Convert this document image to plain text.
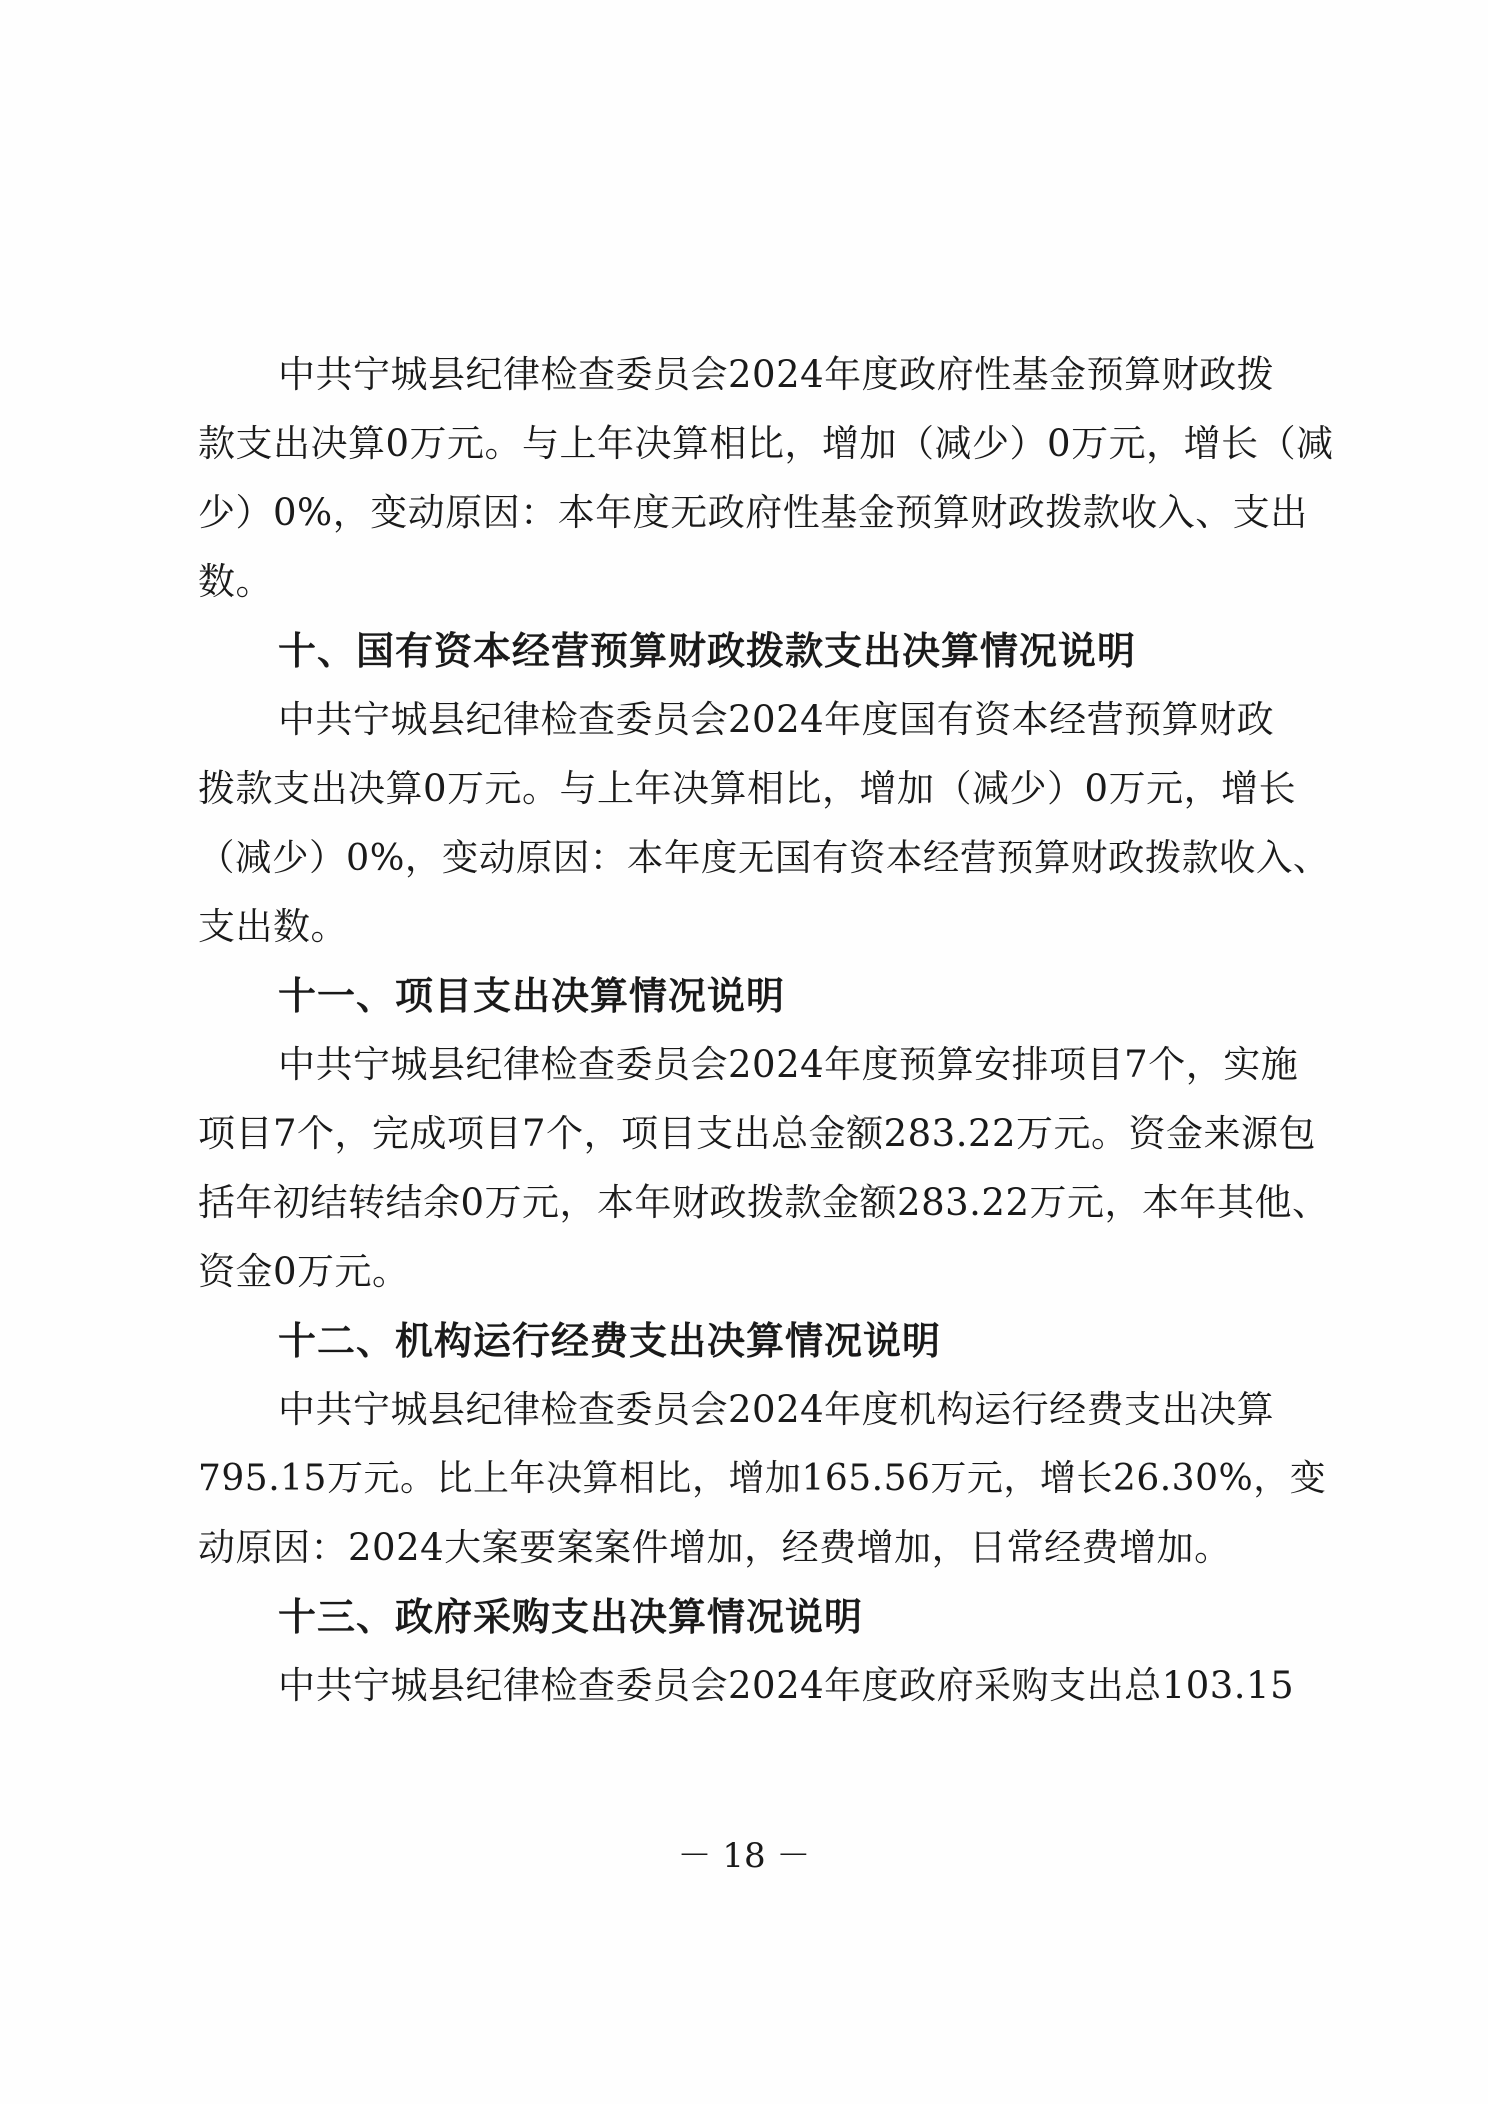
中共宁城县纪律检查委员会2024年度政府性基金预算财政拨
款支出决算0万元。与上年决算相比，增加（减少）0万元，增长（减
少）0%，变动原因：本年度无政府性基金预算财政拨款收入、支出
数。
十、国有资本经营预算财政拨款支出决算情况说明
中共宁城县纪律检查委员会2024年度国有资本经营预算财政
拨款支出决算0万元。与上年决算相比，增加（减少）0万元，增长
（减少）0%，变动原因：本年度无国有资本经营预算财政拨款收入、
支出数。
十一、项目支出决算情况说明
中共宁城县纪律检查委员会2024年度预算安排项目7个，实施
项目7个，完成项目7个，项目支出总金额283.22万元。资金来源包
括年初结转结余0万元，本年财政拨款金额283.22万元，本年其他、
资金0万元。
十二、机构运行经费支出决算情况说明
中共宁城县纪律检查委员会2024年度机构运行经费支出决算
795.15万元。比上年决算相比，增加165.56万元，增长26.30%，变
动原因：2024大案要案案件增加，经费增加，日常经费增加。
十三、政府采购支出决算情况说明
中共宁城县纪律检查委员会2024年度政府采购支出总103.15
－ 18 －
